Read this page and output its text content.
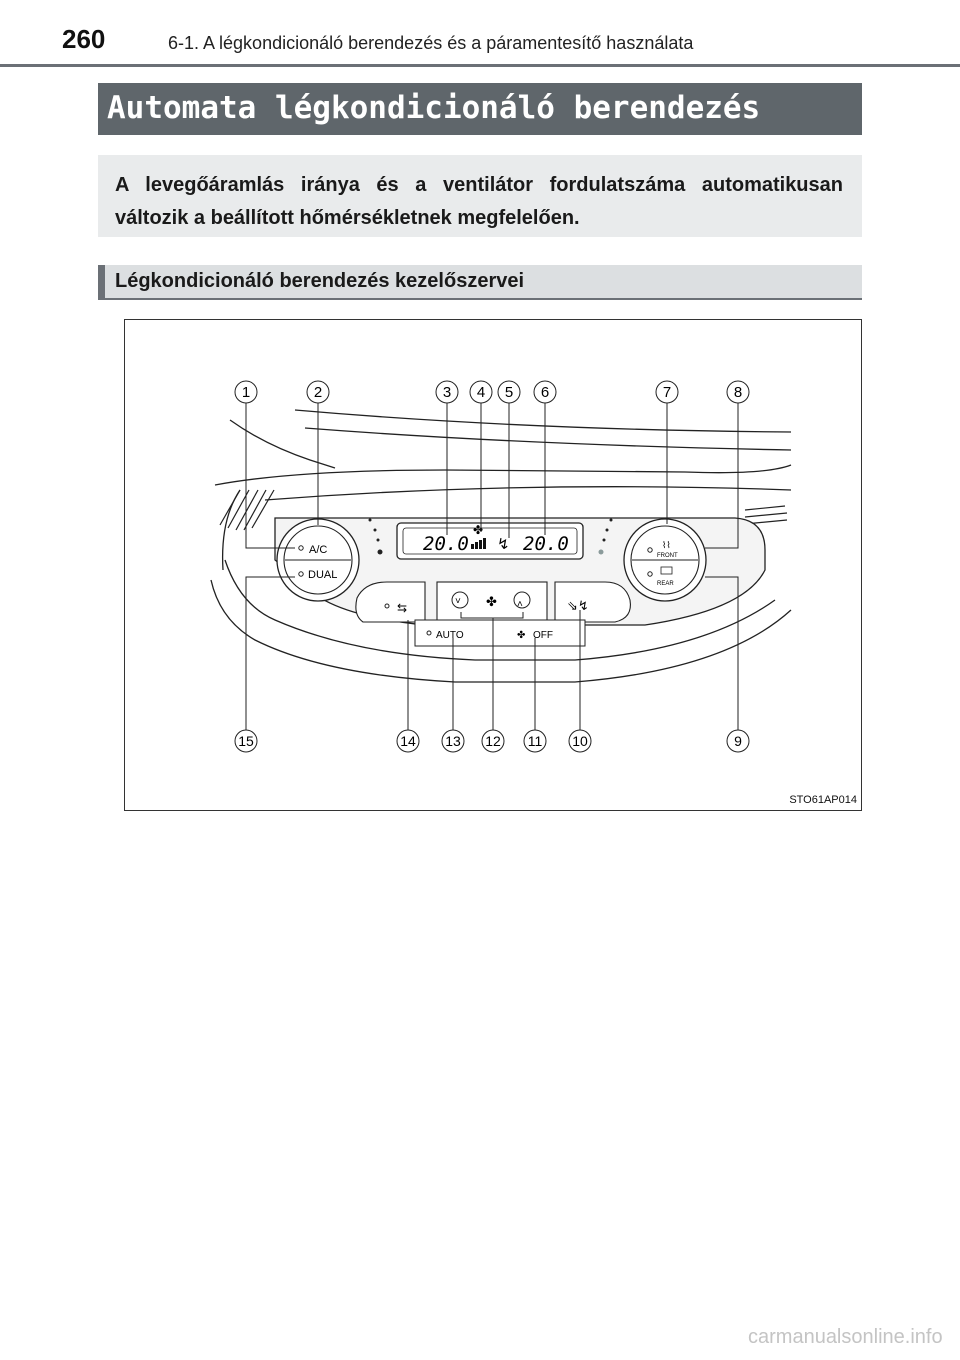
260	6-1. A légkondicionáló berendezés és a páramentesítő használata
Automata légkondicionáló berendezés
A levegőáramlás iránya és a ventilátor fordulatszáma automatikusan változik a beállított hőmérsékletnek megfelelően.
Légkondicionáló berendezés kezelőszervei
20.0	20.0
✤
↯
A/C
DUAL
⌇⌇
FRONT
REAR
⇆	˅ ✤ ˄	⇘↯
AUTO	✤ OFF
1	2	3 4 5 6	7	8
15	14 13 12 11 10	9
STO61AP014
carmanualsonline.info
